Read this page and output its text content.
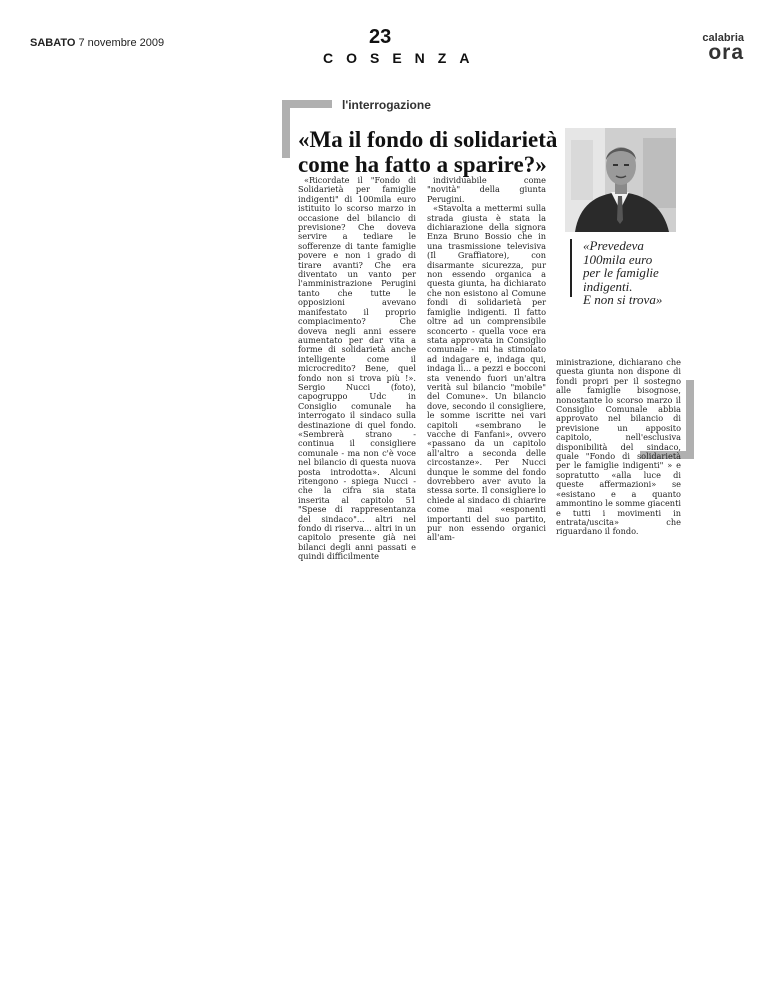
SABATO 7 novembre 2009	23
COSENZA
calabria
ora
l'interrogazione
«Ma il fondo di solidarietà
come ha fatto a sparire?»

«Ricordate il "Fondo di Solidarietà per famiglie indigenti" di 100mila euro istituito lo scorso marzo in occasione del bilancio di previsione? Che doveva servire a tediare le sofferenze di tante famiglie povere e non i grado di tirare avanti? Che era diventato un vanto per l'amministrazione Perugini tanto che tutte le opposizioni avevano manifestato il proprio compiacimento? Che doveva negli anni essere aumentato per dar vita a forme di solidarietà anche intelligente come il microcredito? Bene, quel fondo non si trova più !». Sergio Nucci (foto), capogruppo Udc in Consiglio comunale ha interrogato il sindaco sulla destinazione di quel fondo. «Sembrerà strano - continua il consigliere comunale - ma non c'è voce nel bilancio di questa nuova posta introdotta». Alcuni ritengono - spiega Nucci - che la cifra sia stata inserita al capitolo 51 "Spese di rappresentanza del sindaco"... altri nel fondo di riserva... altri in un capitolo presente già nei bilanci degli anni passati e quindi difficilmente

individuabile come "novità" della giunta Perugini.

«Stavolta a mettermi sulla strada giusta è stata la dichiarazione della signora Enza Bruno Bossio che in una trasmissione televisiva (Il Graffiatore), con disarmante sicurezza, pur non essendo organica a questa giunta, ha dichiarato che non esistono al Comune fondi di solidarietà per famiglie indigenti. Il fatto oltre ad un comprensibile sconcerto - quella voce era stata approvata in Consiglio comunale - mi ha stimolato ad indagare e, indaga qui, indaga lì... a pezzi e bocconi sta venendo fuori un'altra verità sul bilancio "mobile" del Comune». Un bilancio dove, secondo il consigliere, le somme iscritte nei vari capitoli «sembrano le vacche di Fanfani», ovvero «passano da un capitolo all'altro a seconda delle circostanze». Per Nucci dunque le somme del fondo dovrebbero aver avuto la stessa sorte. Il consigliere lo chiede al sindaco di chiarire come mai «esponenti importanti del suo partito, pur non essendo organici all'am-

«Prevedeva
100mila euro
per le famiglie
indigenti.
E non si trova»

ministrazione, dichiarano che questa giunta non dispone di fondi propri per il sostegno alle famiglie bisognose, nonostante lo scorso marzo il Consiglio Comunale abbia approvato nel bilancio di previsione un apposito capitolo, nell'esclusiva disponibilità del sindaco, quale "Fondo di solidarietà per le famiglie indigenti" » e sopratutto «alla luce di queste affermazioni» se «esistano e a quanto ammontino le somme giacenti e tutti i movimenti in entrata/uscita» che riguardano il fondo.
